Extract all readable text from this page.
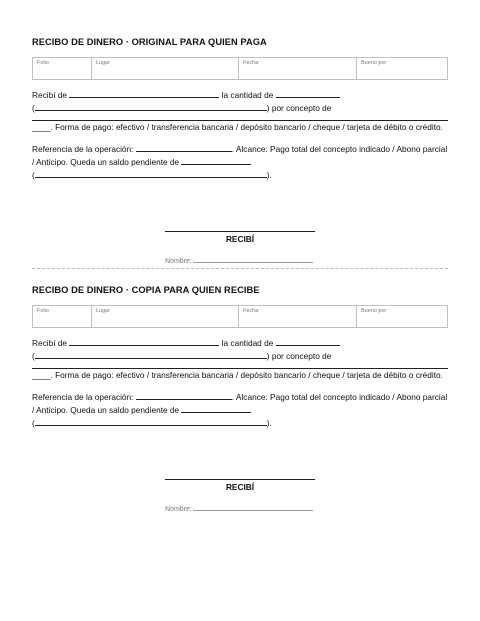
RECIBO DE DINERO · ORIGINAL PARA QUIEN PAGA

Folio	Lugar	Fecha	Bueno por

Recibí de	la cantidad de

(	) por concepto de

____. Forma de pago: efectivo / transferencia bancaria / depósito bancario / cheque / tarjeta de débito o crédito.

Referencia de la operación:	. Alcance: Pago total del concepto indicado / Abono parcial / Anticipo. Queda un saldo pendiente de
(	).

RECIBÍ
Nombre:

RECIBO DE DINERO · COPIA PARA QUIEN RECIBE

Folio	Lugar	Fecha	Bueno por

Recibí de	la cantidad de

(	) por concepto de

____. Forma de pago: efectivo / transferencia bancaria / depósito bancario / cheque / tarjeta de débito o crédito.

Referencia de la operación:	. Alcance: Pago total del concepto indicado / Abono parcial / Anticipo. Queda un saldo pendiente de
(	).

RECIBÍ
Nombre:
